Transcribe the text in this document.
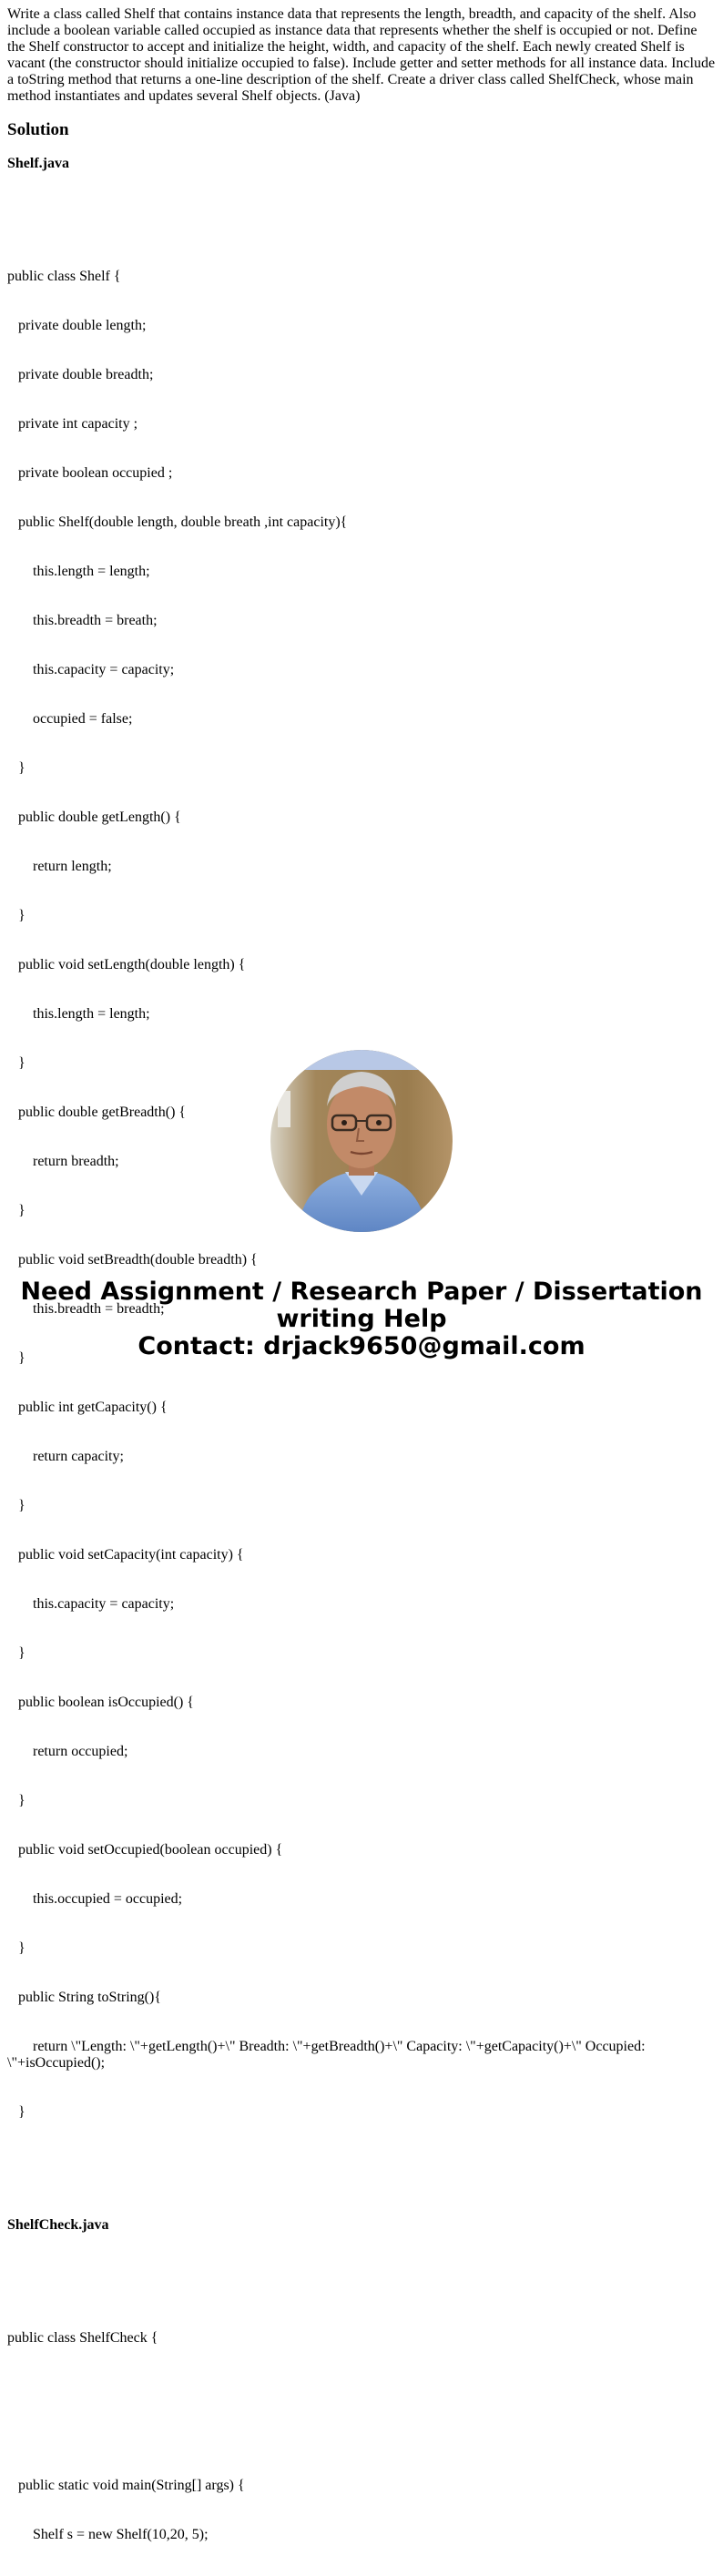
Write a class called Shelf that contains instance data that represents the length, breadth, and capacity of the shelf. Also include a boolean variable called occupied as instance data that represents whether the shelf is occupied or not. Define the Shelf constructor to accept and initialize the height, width, and capacity of the shelf. Each newly created Shelf is vacant (the constructor should initialize occupied to false). Include getter and setter methods for all instance data. Include a toString method that returns a one-line description of the shelf. Create a driver class called ShelfCheck, whose main method instantiates and updates several Shelf objects. (Java)

Solution
Shelf.java

public class Shelf {

private double length;

private double breadth;

private int capacity ;

private boolean occupied ;

public Shelf(double length, double breath ,int capacity){

this.length = length;

this.breadth = breath;

this.capacity = capacity;

occupied = false;

}

public double getLength() {

return length;

}

public void setLength(double length) {

this.length = length;

}

public double getBreadth() {

return breadth;

}

public void setBreadth(double breadth) {

this.breadth = breadth;

}

public int getCapacity() {

return capacity;

}

public void setCapacity(int capacity) {

this.capacity = capacity;

}

public boolean isOccupied() {

return occupied;

}

public void setOccupied(boolean occupied) {

this.occupied = occupied;

}

public String toString(){

return \"Length: \"+getLength()+\" Breadth: \"+getBreadth()+\" Capacity: \"+getCapacity()+\" Occupied: \"+isOccupied();

}

ShelfCheck.java

public class ShelfCheck {

public static void main(String[] args) {

Shelf s = new Shelf(10,20, 5);

Need Assignment / Research Paper / Dissertation
writing Help
Contact: drjack9650@gmail.com
